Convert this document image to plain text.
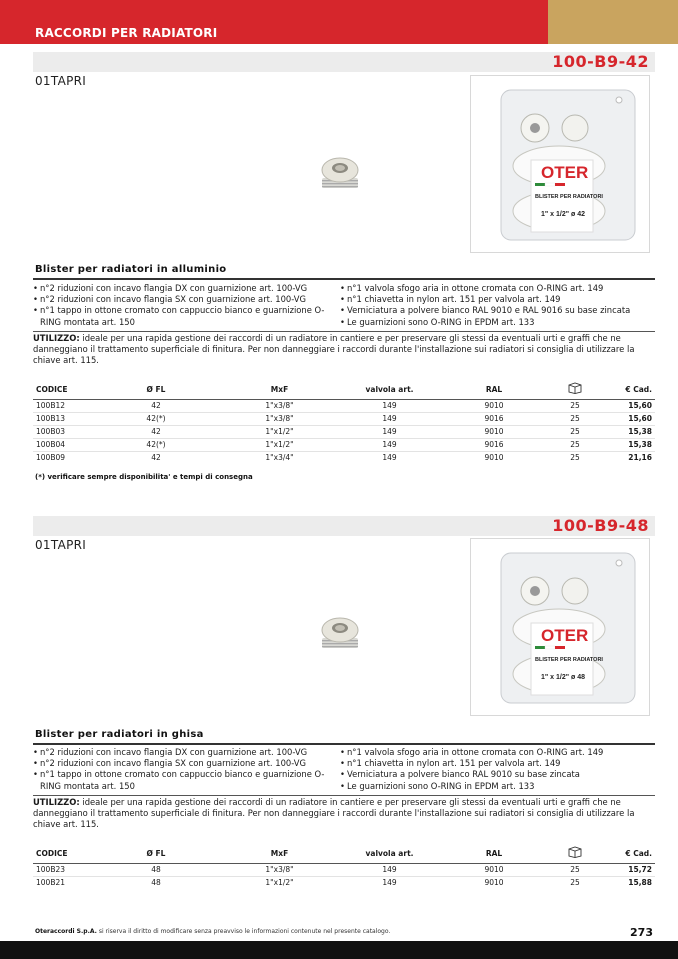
RACCORDI PER RADIATORI
100-B9-42
01TAPRI
OTER
BLISTER PER RADIATORI
1" x 1/2" ø 42
Blister per radiatori in alluminio
• n°2 riduzioni con incavo flangia DX con guarnizione art. 100-VG
• n°2 riduzioni con incavo flangia SX con guarnizione art. 100-VG
• n°1 tappo in ottone cromato con cappuccio bianco e guarnizione O-RING montata art. 150
• n°1 valvola sfogo aria in ottone cromata con O-RING art. 149
• n°1 chiavetta in nylon art. 151 per valvola art. 149
• Verniciatura a polvere bianco RAL 9010 e RAL 9016 su base zincata
• Le guarnizioni sono O-RING in EPDM art. 133
UTILIZZO: ideale per una rapida gestione dei raccordi di un radiatore in cantiere e per preservare gli stessi da eventuali urti e graffi che ne danneggiano il trattamento superficiale di finitura. Per non danneggiare i raccordi durante l'installazione sui radiatori si consiglia di utilizzare la chiave art. 115.
CODICE	Ø FL	MxF	valvola art.	RAL		€ Cad.
100B12	42	1"x3/8"	149	9010	25	15,60
100B13	42(*)	1"x3/8"	149	9016	25	15,60
100B03	42	1"x1/2"	149	9010	25	15,38
100B04	42(*)	1"x1/2"	149	9016	25	15,38
100B09	42	1"x3/4"	149	9010	25	21,16
(*) verificare sempre disponibilita' e tempi di consegna
100-B9-48
01TAPRI
OTER
BLISTER PER RADIATORI
1" x 1/2" ø 48
Blister per radiatori in ghisa
• n°2 riduzioni con incavo flangia DX con guarnizione art. 100-VG
• n°2 riduzioni con incavo flangia SX con guarnizione art. 100-VG
• n°1 tappo in ottone cromato con cappuccio bianco e guarnizione O-RING montata art. 150
• n°1 valvola sfogo aria in ottone cromata con O-RING art. 149
• n°1 chiavetta in nylon art. 151 per valvola art. 149
• Verniciatura a polvere bianco RAL 9010 su base zincata
• Le guarnizioni sono O-RING in EPDM art. 133
UTILIZZO: ideale per una rapida gestione dei raccordi di un radiatore in cantiere e per preservare gli stessi da eventuali urti e graffi che ne danneggiano il trattamento superficiale di finitura. Per non danneggiare i raccordi durante l'installazione sui radiatori si consiglia di utilizzare la chiave art. 115.
CODICE	Ø FL	MxF	valvola art.	RAL		€ Cad.
100B23	48	1"x3/8"	149	9010	25	15,72
100B21	48	1"x1/2"	149	9010	25	15,88
Oteraccordi S.p.A. si riserva il diritto di modificare senza preavviso le informazioni contenute nel presente catalogo.	273
